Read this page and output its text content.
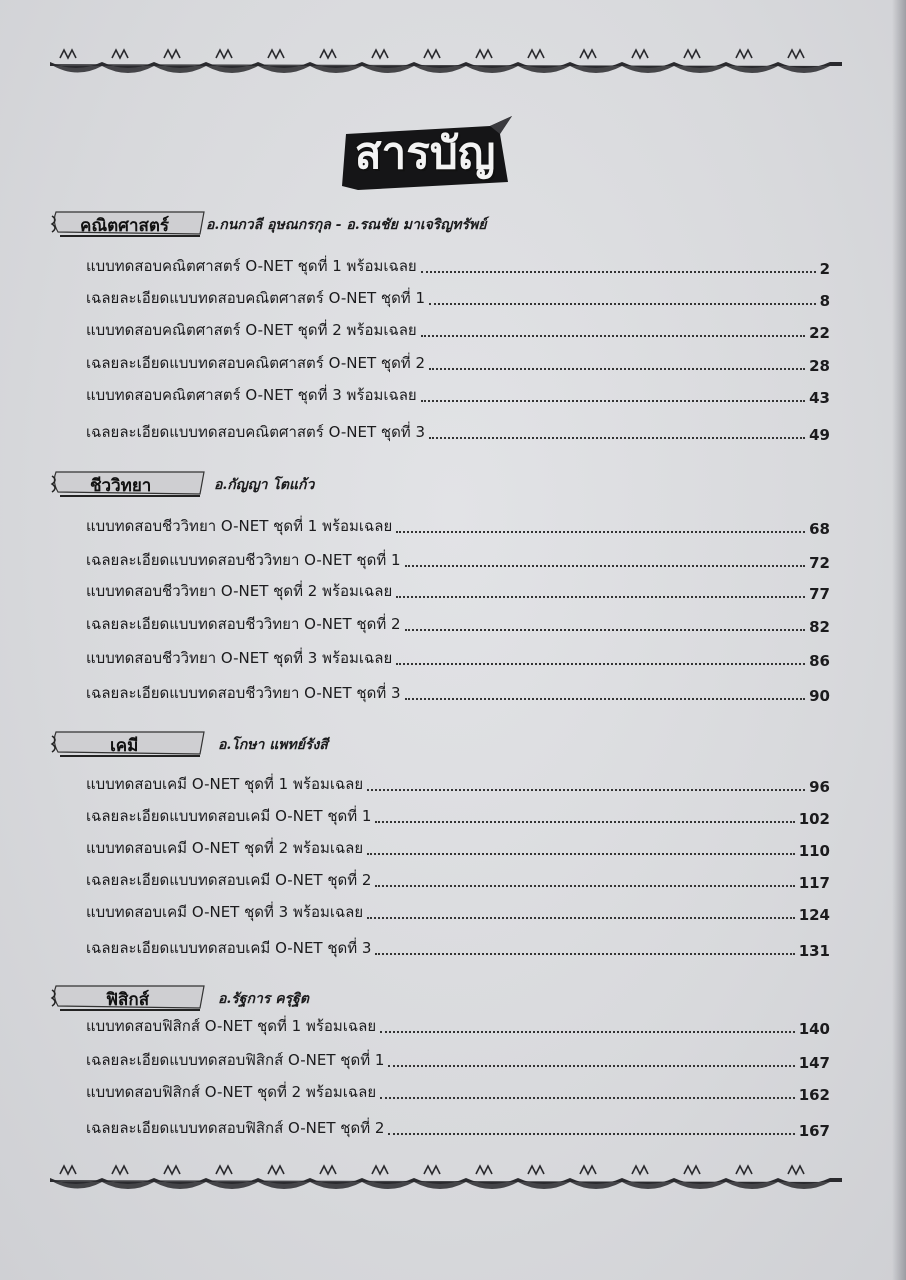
สารบัญ
คณิตศาสตร์	อ.กนกวลี อุษณกรกุล - อ.รณชัย มาเจริญทรัพย์
แบบทดสอบคณิตศาสตร์ O-NET ชุดที่ 1 พร้อมเฉลย	2
เฉลยละเอียดแบบทดสอบคณิตศาสตร์ O-NET ชุดที่ 1	8
แบบทดสอบคณิตศาสตร์ O-NET ชุดที่ 2 พร้อมเฉลย	22
เฉลยละเอียดแบบทดสอบคณิตศาสตร์ O-NET ชุดที่ 2	28
แบบทดสอบคณิตศาสตร์ O-NET ชุดที่ 3 พร้อมเฉลย	43
เฉลยละเอียดแบบทดสอบคณิตศาสตร์ O-NET ชุดที่ 3	49
ชีววิทยา	อ.กัญญา โตแก้ว
แบบทดสอบชีววิทยา O-NET ชุดที่ 1 พร้อมเฉลย	68
เฉลยละเอียดแบบทดสอบชีววิทยา O-NET ชุดที่ 1	72
แบบทดสอบชีววิทยา O-NET ชุดที่ 2 พร้อมเฉลย	77
เฉลยละเอียดแบบทดสอบชีววิทยา O-NET ชุดที่ 2	82
แบบทดสอบชีววิทยา O-NET ชุดที่ 3 พร้อมเฉลย	86
เฉลยละเอียดแบบทดสอบชีววิทยา O-NET ชุดที่ 3	90
เคมี	อ.โกษา แพทย์รังสี
แบบทดสอบเคมี O-NET ชุดที่ 1 พร้อมเฉลย	96
เฉลยละเอียดแบบทดสอบเคมี O-NET ชุดที่ 1	102
แบบทดสอบเคมี O-NET ชุดที่ 2 พร้อมเฉลย	110
เฉลยละเอียดแบบทดสอบเคมี O-NET ชุดที่ 2	117
แบบทดสอบเคมี O-NET ชุดที่ 3 พร้อมเฉลย	124
เฉลยละเอียดแบบทดสอบเคมี O-NET ชุดที่ 3	131
ฟิสิกส์	อ.รัฐการ ครุฐิต
แบบทดสอบฟิสิกส์ O-NET ชุดที่ 1 พร้อมเฉลย	140
เฉลยละเอียดแบบทดสอบฟิสิกส์ O-NET ชุดที่ 1	147
แบบทดสอบฟิสิกส์ O-NET ชุดที่ 2 พร้อมเฉลย	162
เฉลยละเอียดแบบทดสอบฟิสิกส์ O-NET ชุดที่ 2	167
